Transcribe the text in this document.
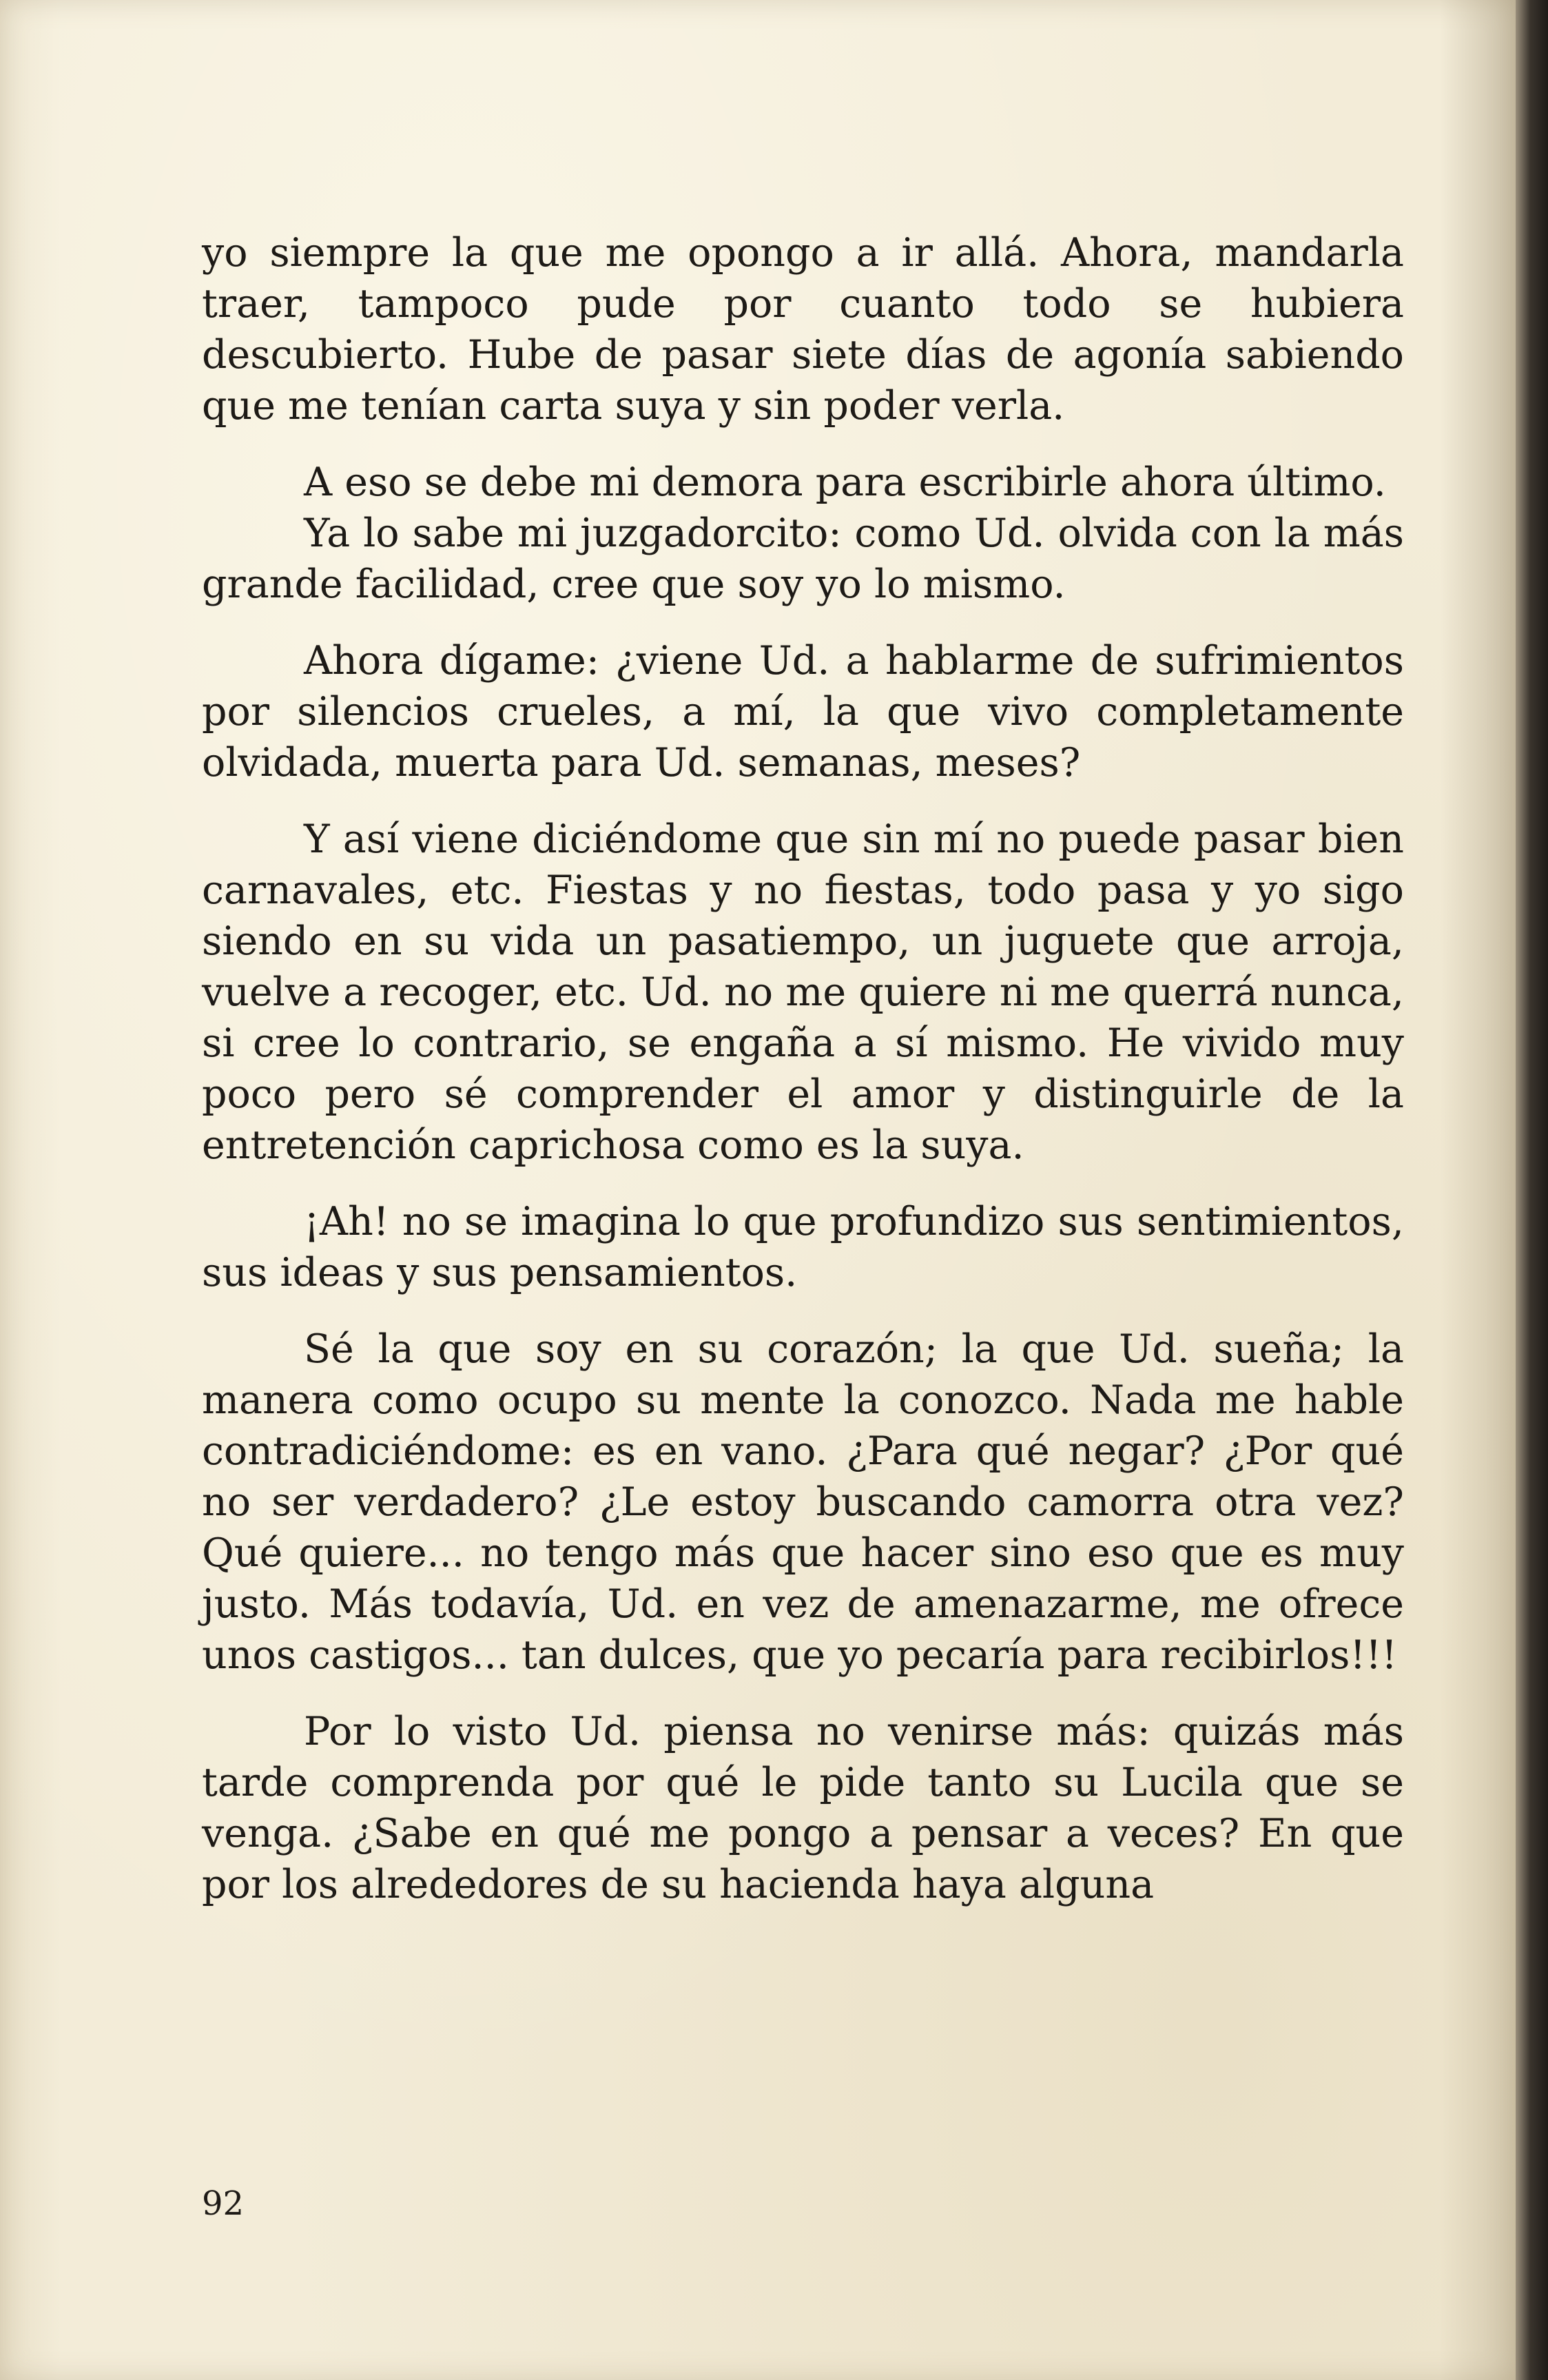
yo siempre la que me opongo a ir allá. Ahora, mandarla traer, tampoco pude por cuanto todo se hubiera descubierto. Hube de pasar siete días de agonía sabiendo que me tenían carta suya y sin poder verla.

A eso se debe mi demora para escribirle ahora último.

Ya lo sabe mi juzgadorcito: como Ud. olvida con la más grande facilidad, cree que soy yo lo mismo.

Ahora dígame: ¿viene Ud. a hablarme de sufrimientos por silencios crueles, a mí, la que vivo completamente olvidada, muerta para Ud. semanas, meses?

Y así viene diciéndome que sin mí no puede pasar bien carnavales, etc. Fiestas y no fiestas, todo pasa y yo sigo siendo en su vida un pasatiempo, un juguete que arroja, vuelve a recoger, etc. Ud. no me quiere ni me querrá nunca, si cree lo contrario, se engaña a sí mismo. He vivido muy poco pero sé comprender el amor y distinguirle de la entretención caprichosa como es la suya.

¡Ah! no se imagina lo que profundizo sus sentimientos, sus ideas y sus pensamientos.

Sé la que soy en su corazón; la que Ud. sueña; la manera como ocupo su mente la conozco. Nada me hable contradiciéndome: es en vano. ¿Para qué negar? ¿Por qué no ser verdadero? ¿Le estoy buscando camorra otra vez? Qué quiere... no tengo más que hacer sino eso que es muy justo. Más todavía, Ud. en vez de amenazarme, me ofrece unos castigos... tan dulces, que yo pecaría para recibirlos!!!

Por lo visto Ud. piensa no venirse más: quizás más tarde comprenda por qué le pide tanto su Lucila que se venga. ¿Sabe en qué me pongo a pensar a veces? En que por los alrededores de su hacienda haya alguna

92
